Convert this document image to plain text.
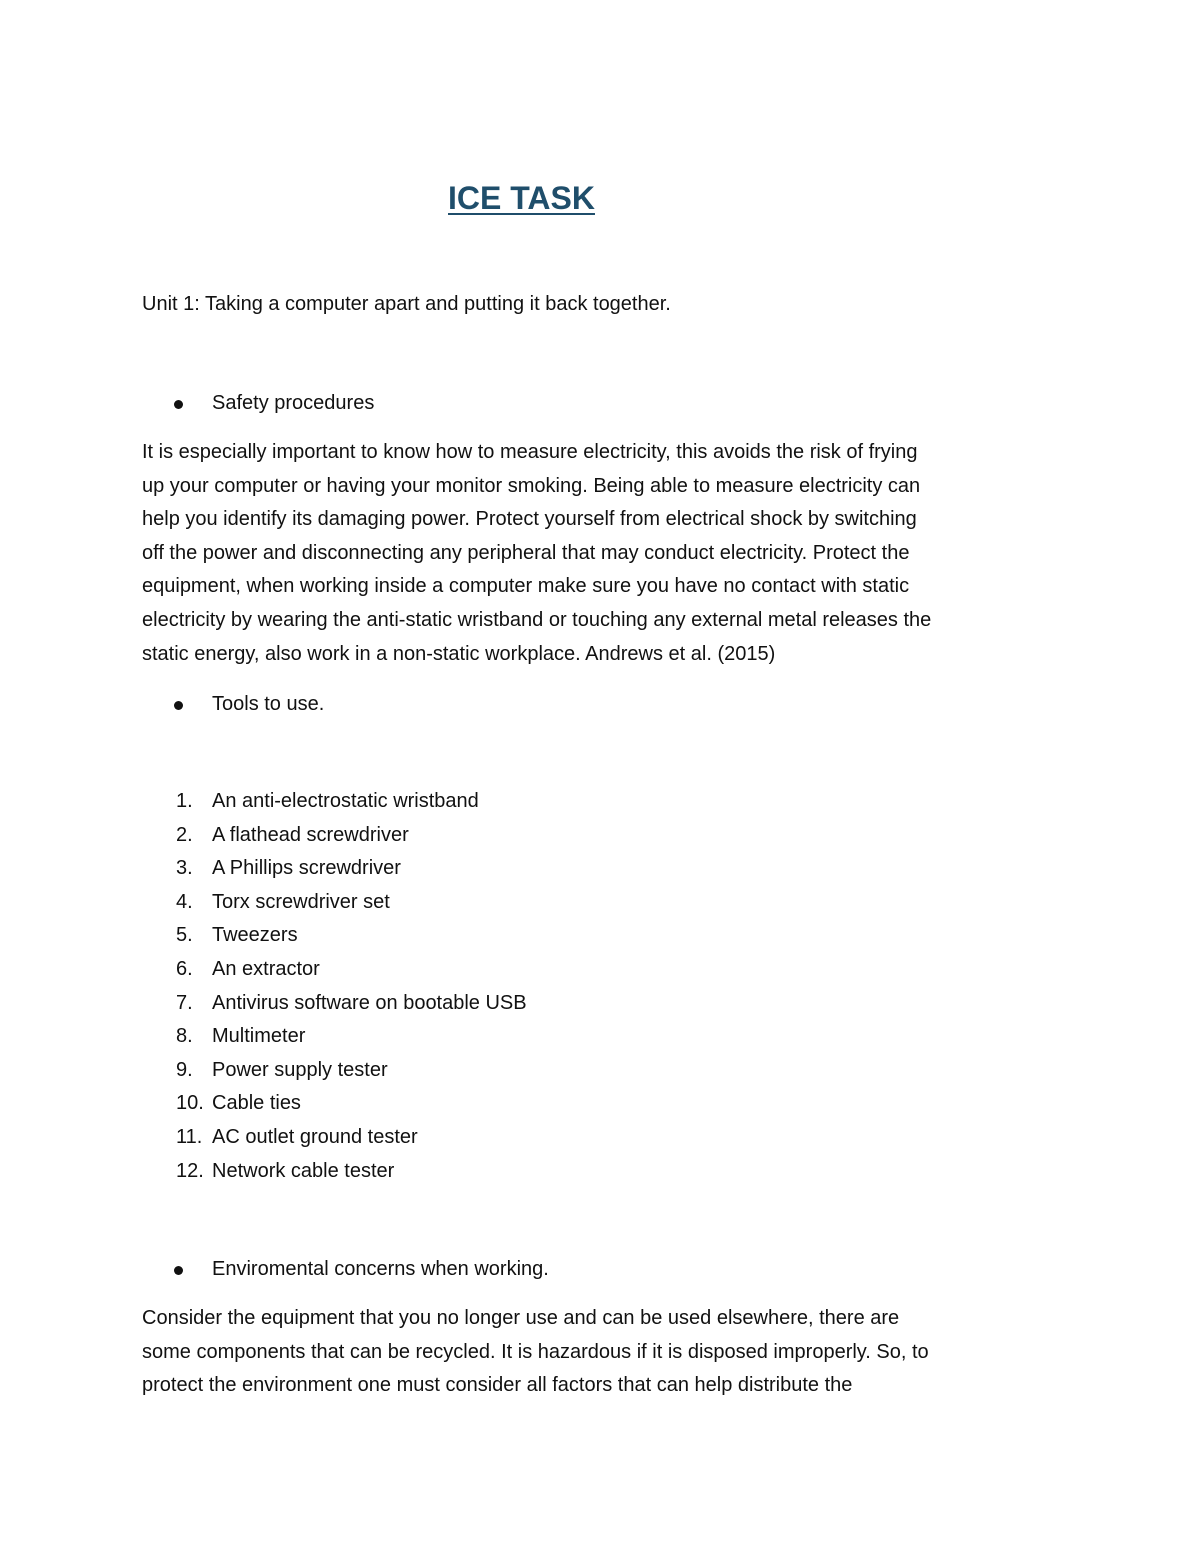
ICE TASK

Unit 1: Taking a computer apart and putting it back together.

Safety procedures
It is especially important to know how to measure electricity, this avoids the risk of frying
up your computer or having your monitor smoking. Being able to measure electricity can
help you identify its damaging power. Protect yourself from electrical shock by switching
off the power and disconnecting any peripheral that may conduct electricity. Protect the
equipment, when working inside a computer make sure you have no contact with static
electricity by wearing the anti-static wristband or touching any external metal releases the
static energy, also work in a non-static workplace. Andrews et al. (2015)
Tools to use.
1. An anti-electrostatic wristband
2. A flathead screwdriver
3. A Phillips screwdriver
4. Torx screwdriver set
5. Tweezers
6. An extractor
7. Antivirus software on bootable USB
8. Multimeter
9. Power supply tester
10. Cable ties
11. AC outlet ground tester
12. Network cable tester
Enviromental concerns when working.
Consider the equipment that you no longer use and can be used elsewhere, there are
some components that can be recycled. It is hazardous if it is disposed improperly. So, to
protect the environment one must consider all factors that can help distribute the
